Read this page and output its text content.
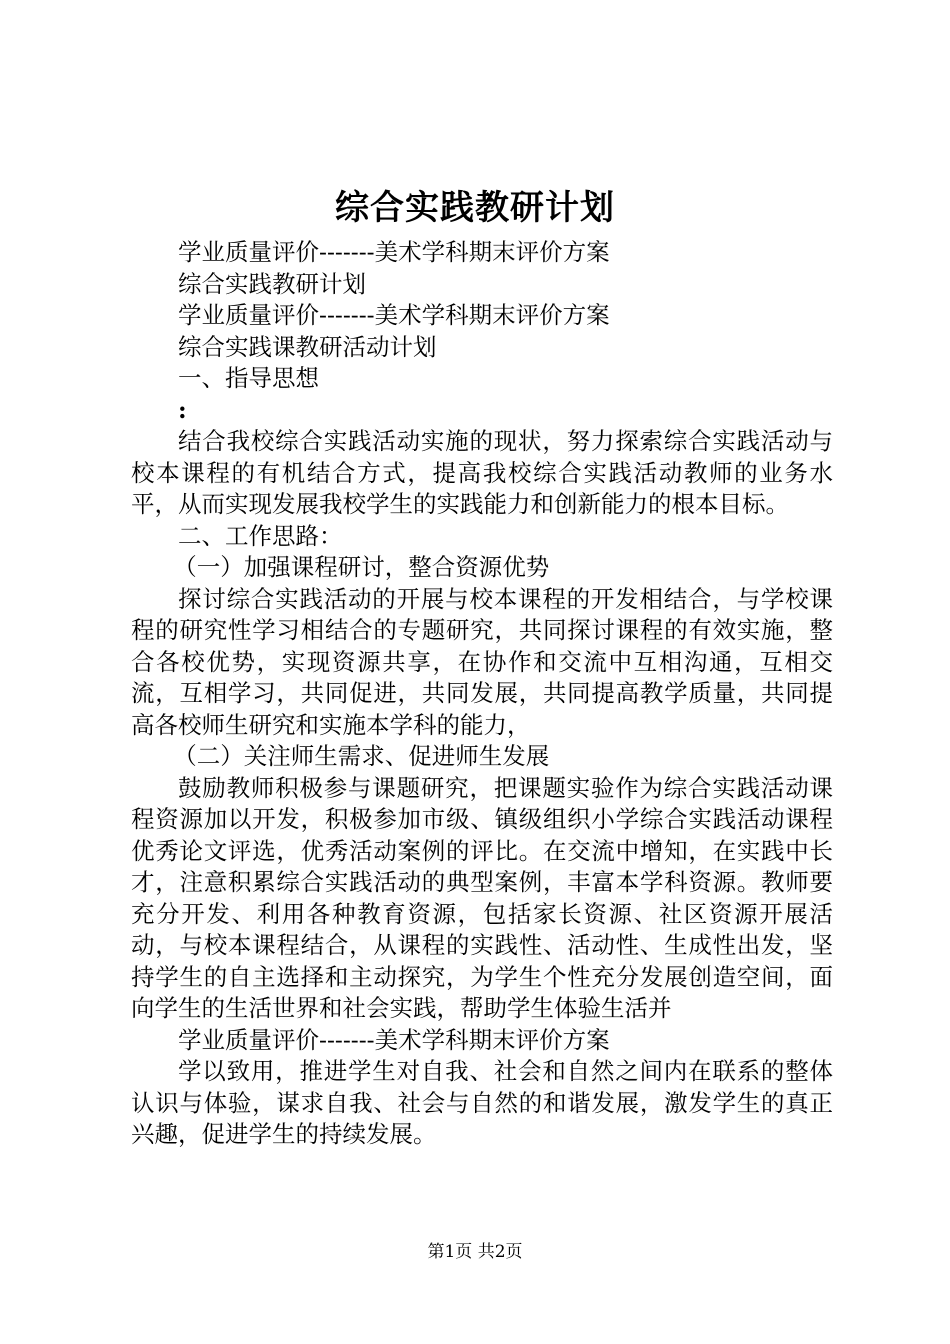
综合实践教研计划

学业质量评价-------美术学科期末评价方案

综合实践教研计划

学业质量评价-------美术学科期末评价方案

综合实践课教研活动计划

一、指导思想

:

结合我校综合实践活动实施的现状，努力探索综合实践活动与校本课程的有机结合方式，提高我校综合实践活动教师的业务水平，从而实现发展我校学生的实践能力和创新能力的根本目标。

二、工作思路：

（一）加强课程研讨，整合资源优势

探讨综合实践活动的开展与校本课程的开发相结合，与学校课程的研究性学习相结合的专题研究，共同探讨课程的有效实施，整合各校优势，实现资源共享，在协作和交流中互相沟通，互相交流，互相学习，共同促进，共同发展，共同提高教学质量，共同提高各校师生研究和实施本学科的能力，

（二）关注师生需求、促进师生发展

鼓励教师积极参与课题研究，把课题实验作为综合实践活动课程资源加以开发，积极参加市级、镇级组织小学综合实践活动课程优秀论文评选，优秀活动案例的评比。在交流中增知，在实践中长才，注意积累综合实践活动的典型案例，丰富本学科资源。教师要充分开发、利用各种教育资源，包括家长资源、社区资源开展活动，与校本课程结合，从课程的实践性、活动性、生成性出发，坚持学生的自主选择和主动探究，为学生个性充分发展创造空间，面向学生的生活世界和社会实践，帮助学生体验生活并

学业质量评价-------美术学科期末评价方案

学以致用，推进学生对自我、社会和自然之间内在联系的整体认识与体验，谋求自我、社会与自然的和谐发展，激发学生的真正兴趣，促进学生的持续发展。

第1页 共2页
